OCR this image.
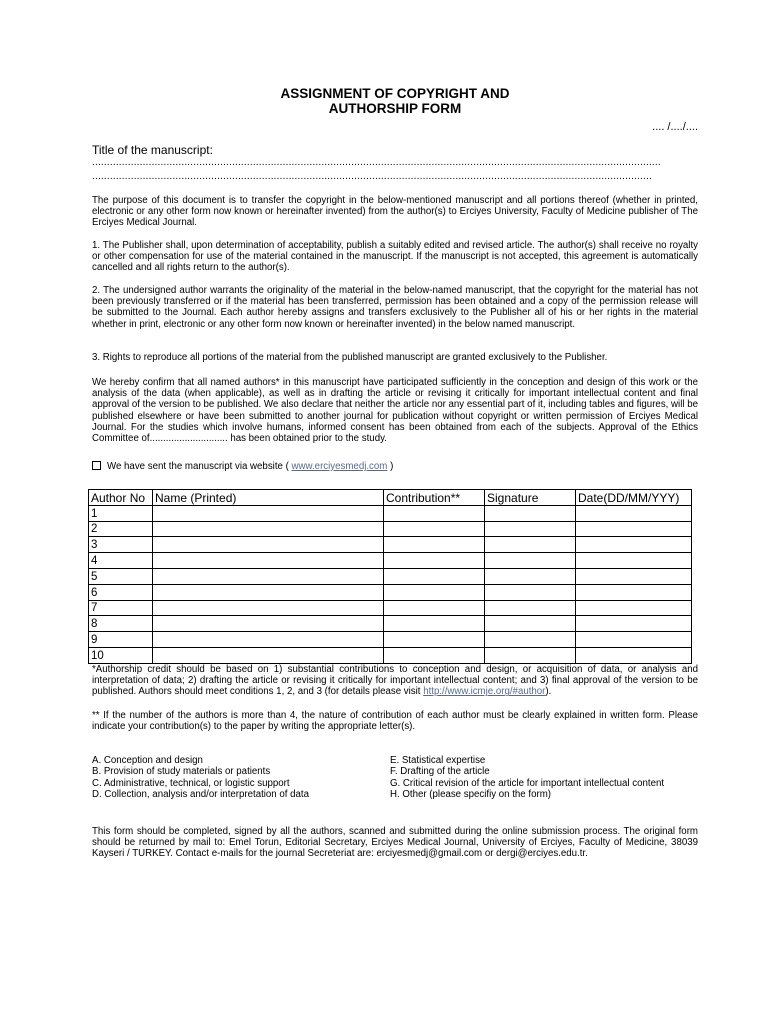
ASSIGNMENT OF COPYRIGHT AND
AUTHORSHIP FORM
.... /..../....
Title of the manuscript:
...............................................................................................................................................................................................
............................................................................................................................................................................................
The purpose of this document is to transfer the copyright in the below-mentioned manuscript and all portions thereof (whether in printed, electronic or any other form now known or hereinafter invented) from the author(s) to Erciyes University, Faculty of Medicine publisher of The Erciyes Medical Journal.
1. The Publisher shall, upon determination of acceptability, publish a suitably edited and revised article. The author(s) shall receive no royalty or other compensation for use of the material contained in the manuscript. If the manuscript is not accepted, this agreement is automatically cancelled and all rights return to the author(s).
2. The undersigned author warrants the originality of the material in the below-named manuscript, that the copyright for the material has not been previously transferred or if the material has been transferred, permission has been obtained and a copy of the permission release will be submitted to the Journal. Each author hereby assigns and transfers exclusively to the Publisher all of his or her rights in the material whether in print, electronic or any other form now known or hereinafter invented) in the below named manuscript.
3. Rights to reproduce all portions of the material from the published manuscript are granted exclusively to the Publisher.
We hereby confirm that all named authors* in this manuscript have participated sufficiently in the conception and design of this work or the analysis of the data (when applicable), as well as in drafting the article or revising it critically for important intellectual content and final approval of the version to be published. We also declare that neither the article nor any essential part of it, including tables and figures, will be published elsewhere or have been submitted to another journal for publication without copyright or written permission of Erciyes Medical Journal. For the studies which involve humans, informed consent has been obtained from each of the subjects. Approval of the Ethics Committee of............................. has been obtained prior to the study.
We have sent the manuscript via website ( www.erciyesmedj.com )
Author No	Name (Printed)	Contribution**	Signature	Date(DD/MM/YYY)
1				
2				
3				
4				
5				
6				
7				
8				
9				
10				
*Authorship credit should be based on 1) substantial contributions to conception and design, or acquisition of data, or analysis and interpretation of data; 2) drafting the article or revising it critically for important intellectual content; and 3) final approval of the version to be published. Authors should meet conditions 1, 2, and 3 (for details please visit http://www.icmje.org/#author).
** If the number of the authors is more than 4, the nature of contribution of each author must be clearly explained in written form. Please indicate your contribution(s) to the paper by writing the appropriate letter(s).
A. Conception and design
B. Provision of study materials or patients
C. Administrative, technical, or logistic support
D. Collection, analysis and/or interpretation of data
E. Statistical expertise
F. Drafting of the article
G. Critical revision of the article for important intellectual content
H. Other (please specifiy on the form)
This form should be completed, signed by all the authors, scanned and submitted during the online submission process. The original form should be returned by mail to: Emel Torun, Editorial Secretary, Erciyes Medical Journal, University of Erciyes, Faculty of Medicine, 38039 Kayseri / TURKEY. Contact e-mails for the journal Secreteriat are: erciyesmedj@gmail.com or dergi@erciyes.edu.tr.
